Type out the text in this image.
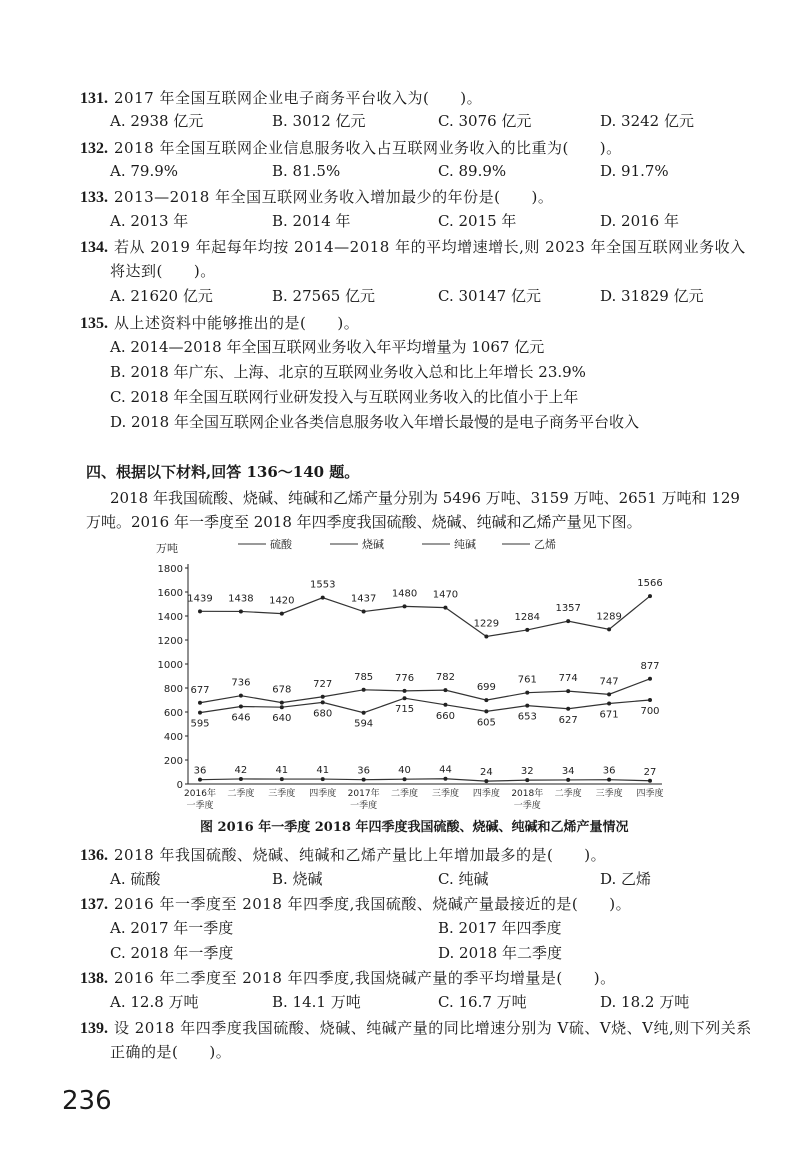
131. 2017 年全国互联网企业电子商务平台收入为(　　)。
A. 2938 亿元	B. 3012 亿元	C. 3076 亿元	D. 3242 亿元
132. 2018 年全国互联网企业信息服务收入占互联网业务收入的比重为(　　)。
A. 79.9%	B. 81.5%	C. 89.9%	D. 91.7%
133. 2013—2018 年全国互联网业务收入增加最少的年份是(　　)。
A. 2013 年	B. 2014 年	C. 2015 年	D. 2016 年
134. 若从 2019 年起每年均按 2014—2018 年的平均增速增长,则 2023 年全国互联网业务收入
将达到(　　)。
A. 21620 亿元	B. 27565 亿元	C. 30147 亿元	D. 31829 亿元
135. 从上述资料中能够推出的是(　　)。
A. 2014—2018 年全国互联网业务收入年平均增量为 1067 亿元
B. 2018 年广东、上海、北京的互联网业务收入总和比上年增长 23.9%
C. 2018 年全国互联网行业研发投入与互联网业务收入的比值小于上年
D. 2018 年全国互联网企业各类信息服务收入年增长最慢的是电子商务平台收入
四、根据以下材料,回答 136～140 题。
2018 年我国硫酸、烧碱、纯碱和乙烯产量分别为 5496 万吨、3159 万吨、2651 万吨和 129
万吨。2016 年一季度至 2018 年四季度我国硫酸、烧碱、纯碱和乙烯产量见下图。
万吨	硫酸	烧碱	纯碱	乙烯
0
200
400
600
800
1000
1200
1400
1600
1800
2016年
一季度
二季度 三季度 四季度 2017年
一季度
二季度 三季度 四季度 2018年
一季度
二季度 三季度 四季度
1439 1438 1420
1553
1437 1480 1470
1229
1284
1357
1289
1566
677
736
678
727
785 776 782
699
761 774 747
877
595
646 640 680
594
715
660
605
653 627 671 700
36	42	41	41	36	40	44	24	32	34	36	27
图 2016 年一季度 2018 年四季度我国硫酸、烧碱、纯碱和乙烯产量情况
136. 2018 年我国硫酸、烧碱、纯碱和乙烯产量比上年增加最多的是(　　)。
A. 硫酸	B. 烧碱	C. 纯碱	D. 乙烯
137. 2016 年一季度至 2018 年四季度,我国硫酸、烧碱产量最接近的是(　　)。
A. 2017 年一季度	B. 2017 年四季度
C. 2018 年一季度	D. 2018 年二季度
138. 2016 年二季度至 2018 年四季度,我国烧碱产量的季平均增量是(　　)。
A. 12.8 万吨	B. 14.1 万吨	C. 16.7 万吨	D. 18.2 万吨
139. 设 2018 年四季度我国硫酸、烧碱、纯碱产量的同比增速分别为 V硫、V烧、V纯,则下列关系
正确的是(　　)。
236
